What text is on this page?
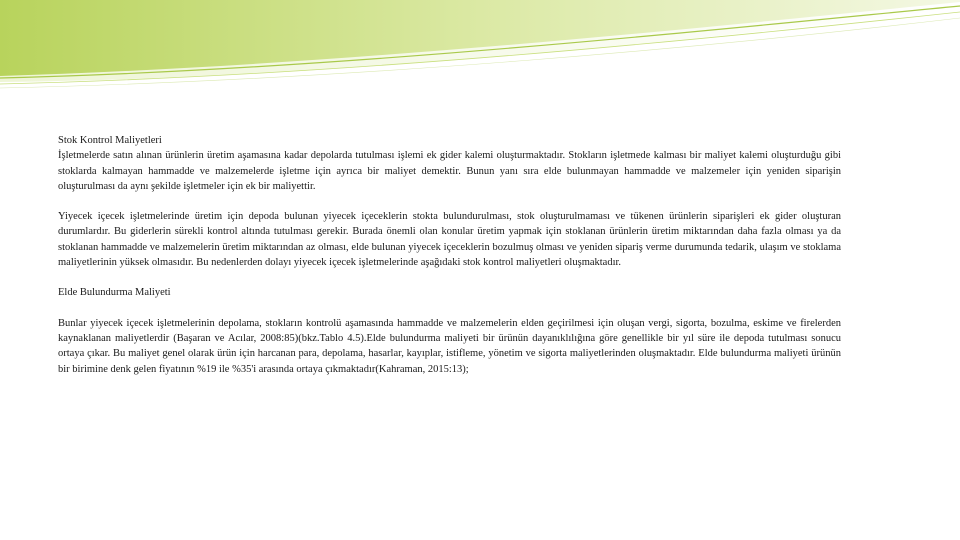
Stok Kontrol Maliyetleri

İşletmelerde satın alınan ürünlerin üretim aşamasına kadar depolarda tutulması işlemi ek gider kalemi oluşturmaktadır. Stokların işletmede kalması bir maliyet kalemi oluşturduğu gibi stoklarda kalmayan hammadde ve malzemelerde işletme için ayrıca bir maliyet demektir. Bunun yanı sıra elde bulunmayan hammadde ve malzemeler için yeniden siparişin oluşturulması da aynı şekilde işletmeler için ek bir maliyettir.

Yiyecek içecek işletmelerinde üretim için depoda bulunan yiyecek içeceklerin stokta bulundurulması, stok oluşturulmaması ve tükenen ürünlerin siparişleri ek gider oluşturan durumlardır. Bu giderlerin sürekli kontrol altında tutulması gerekir. Burada önemli olan konular üretim yapmak için stoklanan ürünlerin üretim miktarından daha fazla olması ya da stoklanan hammadde ve malzemelerin üretim miktarından az olması, elde bulunan yiyecek içeceklerin bozulmuş olması ve yeniden sipariş verme durumunda tedarik, ulaşım ve stoklama maliyetlerinin yüksek olmasıdır. Bu nedenlerden dolayı yiyecek içecek işletmelerinde aşağıdaki stok kontrol maliyetleri oluşmaktadır.

Elde Bulundurma Maliyeti

Bunlar yiyecek içecek işletmelerinin depolama, stokların kontrolü aşamasında hammadde ve malzemelerin elden geçirilmesi için oluşan vergi, sigorta, bozulma, eskime ve firelerden kaynaklanan maliyetlerdir (Başaran ve Acılar, 2008:85)(bkz.Tablo 4.5).Elde bulundurma maliyeti bir ürünün dayanıklılığına göre genellikle bir yıl süre ile depoda tutulması sonucu ortaya çıkar. Bu maliyet genel olarak ürün için harcanan para, depolama, hasarlar, kayıplar, istifleme, yönetim ve sigorta maliyetlerinden oluşmaktadır. Elde bulundurma maliyeti ürünün bir birimine denk gelen fiyatının %19 ile %35'i arasında ortaya çıkmaktadır(Kahraman, 2015:13);
